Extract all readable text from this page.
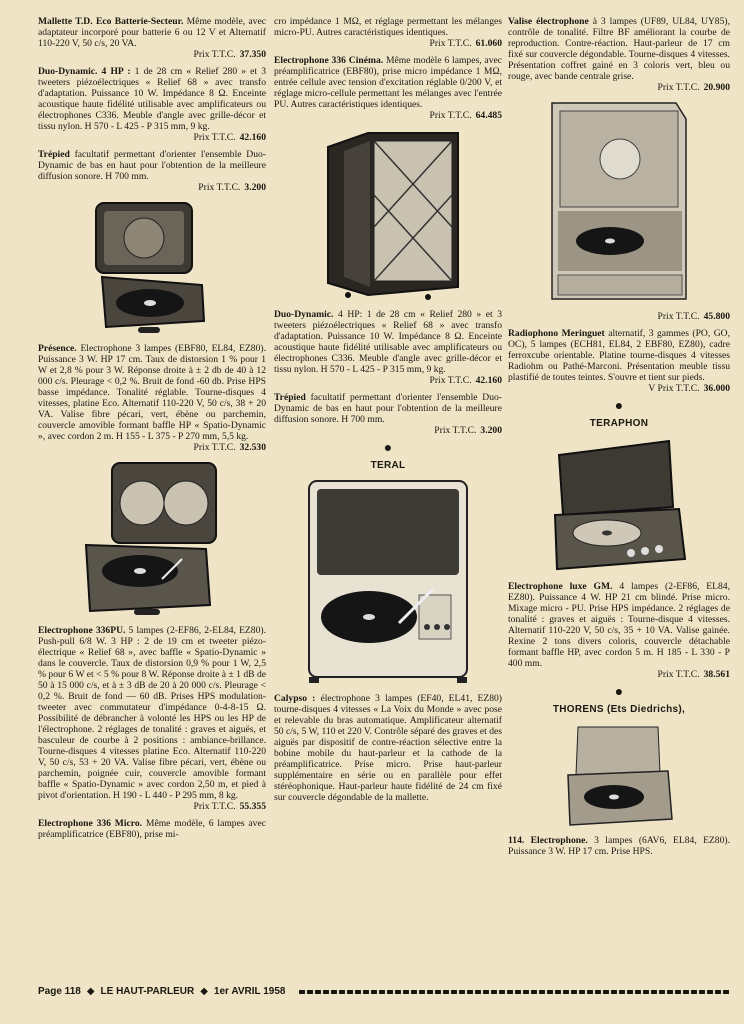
Mallette T.D. Eco Batterie-Secteur. Même modèle, avec adaptateur incorporé pour batterie 6 ou 12 V et Alternatif 110-220 V, 50 c/s, 20 VA.
Prix T.T.C. 37.350

Duo-Dynamic. 4 HP : 1 de 28 cm « Relief 280 » et 3 tweeters piézoélectriques « Relief 68 » avec transfo d'adaptation. Puissance 10 W. Impédance 8 Ω. Enceinte acoustique haute fidélité utilisable avec amplificateurs ou électrophones C336. Meuble d'angle avec grille-décor et tissu nylon. H 570 - L 425 - P 315 mm, 9 kg.
Prix T.T.C. 42.160

Trépied facultatif permettant d'orienter l'ensemble Duo-Dynamic de bas en haut pour l'obtention de la meilleure diffusion sonore. H 700 mm.
Prix T.T.C. 3.200

Présence. Electrophone 3 lampes (EBF80, EL84, EZ80). Puissance 3 W. HP 17 cm. Taux de distorsion 1 % pour 1 W et 2,8 % pour 3 W. Réponse droite à ± 2 db de 40 à 12 000 c/s. Pleurage < 0,2 %. Bruit de fond -60 db. Prise HPS basse impédance. Tonalité réglable. Tourne-disques 4 vitesses, platine Eco. Alternatif 110-220 V, 50 c/s, 38 + 20 VA. Valise fibre pécari, vert, ébène ou parchemin, couvercle amovible formant baffle HP « Spatio-Dynamic », avec cordon 2 m. H 155 - L 375 - P 270 mm, 5,5 kg.
Prix T.T.C. 32.530

Electrophone 336PU. 5 lampes (2-EF86, 2-EL84, EZ80). Push-pull 6/8 W. 3 HP : 2 de 19 cm et tweeter piézo-électrique « Relief 68 », avec baffle « Spatio-Dynamic » dans le couvercle. Taux de distorsion 0,9 % pour 1 W, 2,5 % pour 6 W et < 5 % pour 8 W. Réponse droite à ± 1 dB de 50 à 15 000 c/s, et à ± 3 dB de 20 à 20 000 c/s. Pleurage < 0,2 %. Bruit de fond — 60 dB. Prises HPS modulation-tweeter avec commutateur d'impédance 0-4-8-15 Ω. Possibilité de débrancher à volonté les HPS ou les HP de l'électrophone. 2 réglages de tonalité : graves et aiguës, et basculeur de courbe à 2 positions : ambiance-brillance. Tourne-disques 4 vitesses platine Eco. Alternatif 110-220 V, 50 c/s, 53 + 20 VA. Valise fibre pécari, vert, ébène ou parchemin, poignée cuir, couvercle amovible formant baffle « Spatio-Dynamic » avec cordon 2,50 m, et pied à pivot d'orientation. H 190 - L 440 - P 295 mm, 8 kg.
Prix T.T.C. 55.355

Electrophone 336 Micro. Même modèle, 6 lampes avec préamplificatrice (EBF80), prise mi-

cro impédance 1 MΩ, et réglage permettant les mélanges micro-PU. Autres caractéristiques identiques.
Prix T.T.C. 61.060

Electrophone 336 Cinéma. Même modèle 6 lampes, avec préamplificatrice (EBF80), prise micro impédance 1 MΩ, entrée cellule avec tension d'excitation réglable 0/200 V, et réglage micro-cellule permettant les mélanges avec l'entrée PU. Autres caractéristiques identiques.
Prix T.T.C. 64.485

Duo-Dynamic. 4 HP: 1 de 28 cm « Relief 280 » et 3 tweeters piézoélectriques « Relief 68 » avec transfo d'adaptation. Puissance 10 W. Impédance 8 Ω. Enceinte acoustique haute fidélité utilisable avec amplificateurs ou électrophones C336. Meuble d'angle avec grille-décor et tissu nylon. H 570 - L 425 - P 315 mm, 9 kg.
Prix T.T.C. 42.160

Trépied facultatif permettant d'orienter l'ensemble Duo-Dynamic de bas en haut pour l'obtention de la meilleure diffusion sonore. H 700 mm.
Prix T.T.C. 3.200

●
TERAL

Calypso : électrophone 3 lampes (EF40, EL41, EZ80) tourne-disques 4 vitesses « La Voix du Monde » avec pose et relevable du bras automatique. Amplificateur alternatif 50 c/s, 5 W, 110 et 220 V. Contrôle séparé des graves et des aiguës par dispositif de contre-réaction sélective entre la bobine mobile du haut-parleur et la cathode de la préamplificatrice. Prise micro. Prise haut-parleur supplémentaire en série ou en parallèle pour effet stéréophonique. Haut-parleur haute fidélité de 24 cm fixé sur couvercle dégondable de la mallette.

Valise électrophone à 3 lampes (UF89, UL84, UY85), contrôle de tonalité. Filtre BF améliorant la courbe de reproduction. Contre-réaction. Haut-parleur de 17 cm fixé sur couvercle dégondable. Tourne-disques 4 vitesses. Présentation coffret gainé en 3 coloris vert, bleu ou rouge, avec bande centrale grise.
Prix T.T.C. 20.900

Prix T.T.C. 45.800

Radiophono Meringuet alternatif, 3 gammes (PO, GO, OC), 5 lampes (ECH81, EL84, 2 EBF80, EZ80), cadre ferroxcube orientable. Platine tourne-disques 4 vitesses Radiohm ou Pathé-Marconi. Présentation meuble tissu plastifié de toutes teintes. S'ouvre et tient sur pieds.
V Prix T.T.C. 36.000

●
TERAPHON

Electrophone luxe GM. 4 lampes (2-EF86, EL84, EZ80). Puissance 4 W. HP 21 cm blindé. Prise micro. Mixage micro - PU. Prise HPS impédance. 2 réglages de tonalité : graves et aiguës : Tourne-disque 4 vitesses. Alternatif 110-220 V, 50 c/s, 35 + 10 VA. Valise gainée. Rexine 2 tons divers coloris, couvercle détachable formant baffle HP, avec cordon 5 m. H 185 - L 330 - P 400 mm.
Prix T.T.C. 38.561

●
THORENS (Ets Diedrichs),

114. Electrophone. 3 lampes (6AV6, EL84, EZ80). Puissance 3 W. HP 17 cm. Prise HPS.

Page 118 ◆ LE HAUT-PARLEUR ◆ 1er AVRIL 1958
